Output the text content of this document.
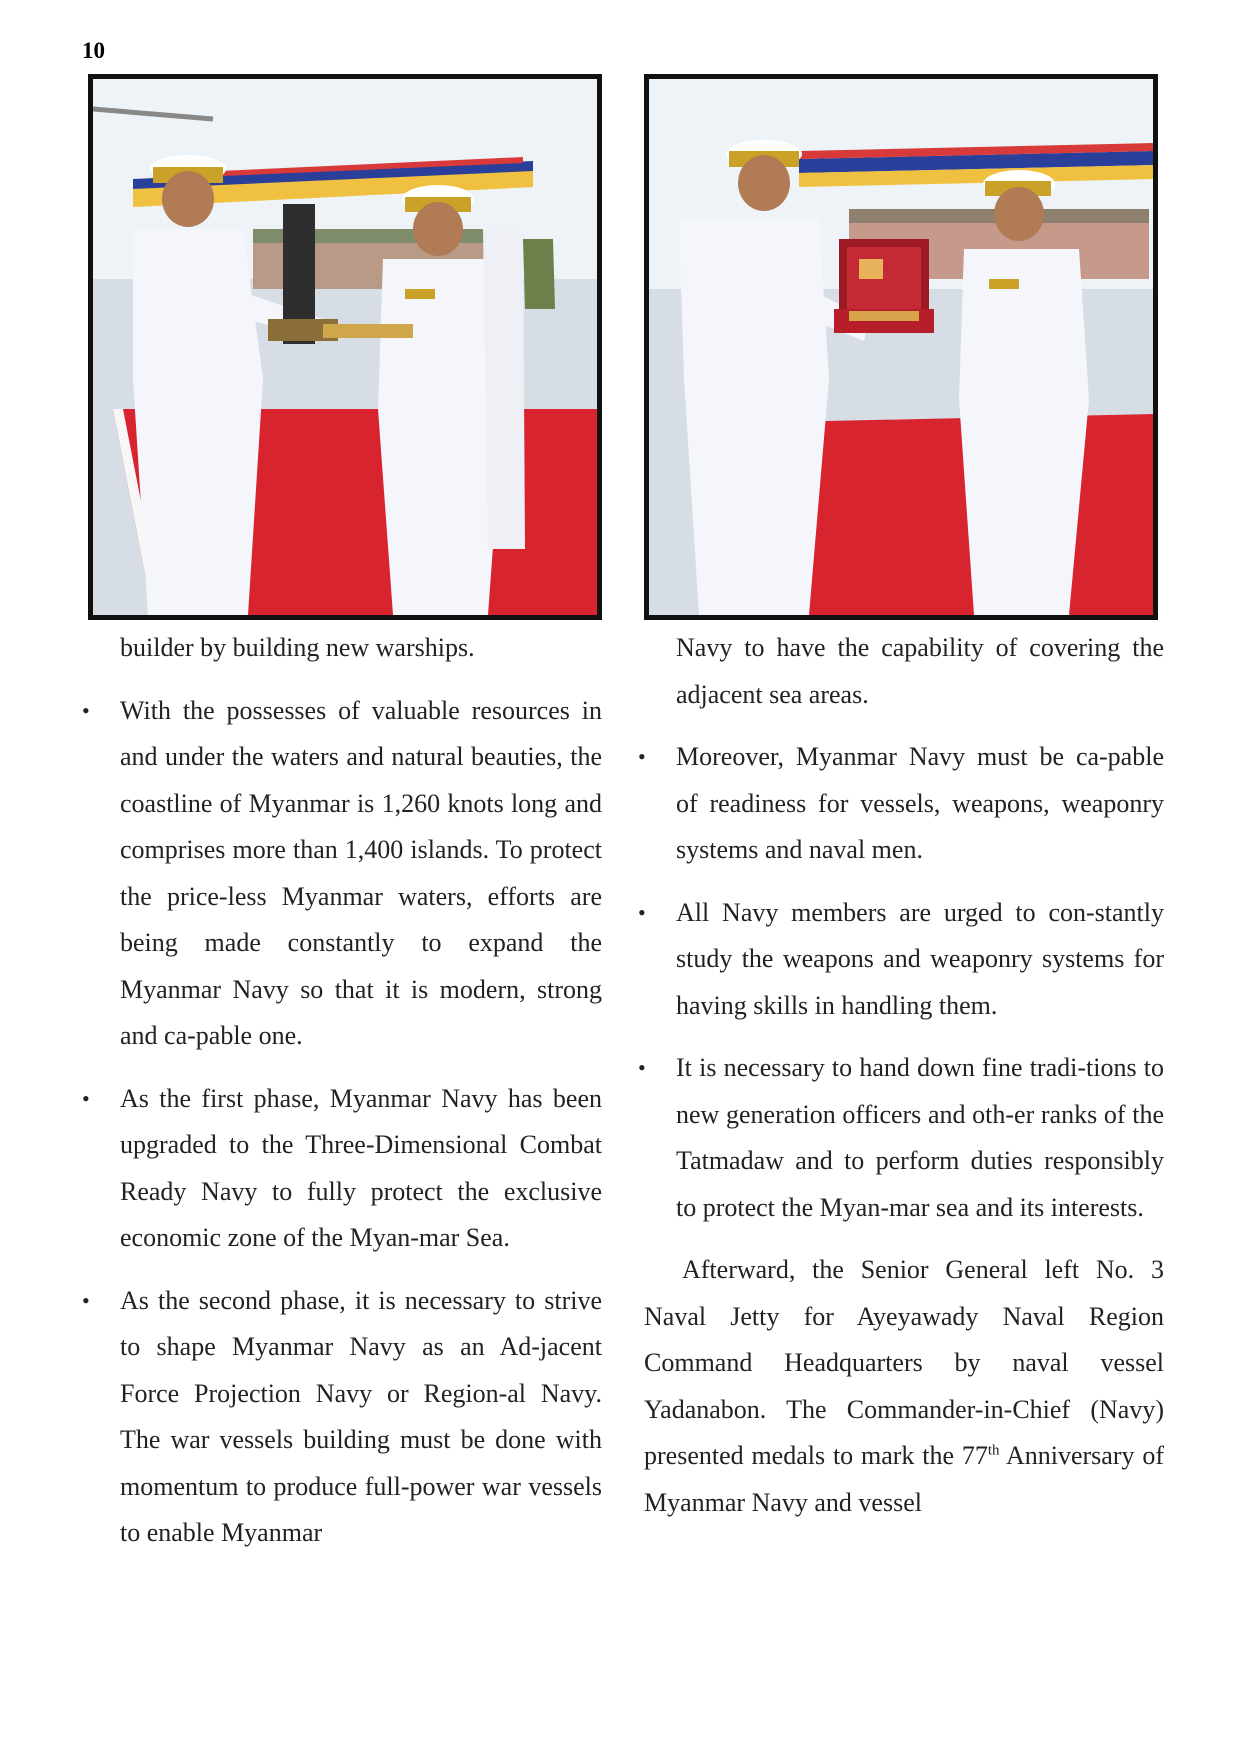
10

builder by building new warships.

• With the possesses of valuable resources in and under the waters and natural beauties, the coastline of Myanmar is 1,260 knots long and comprises more than 1,400 islands. To protect the price-less Myanmar waters, efforts are being made constantly to expand the Myanmar Navy so that it is modern, strong and ca-pable one.

• As the first phase, Myanmar Navy has been upgraded to the Three-Dimensional Combat Ready Navy to fully protect the exclusive economic zone of the Myan-mar Sea.

• As the second phase, it is necessary to strive to shape Myanmar Navy as an Ad-jacent Force Projection Navy or Region-al Navy. The war vessels building must be done with momentum to produce full-power war vessels to enable Myanmar

Navy to have the capability of covering the adjacent sea areas.

• Moreover, Myanmar Navy must be ca-pable of readiness for vessels, weapons, weaponry systems and naval men.

• All Navy members are urged to con-stantly study the weapons and weaponry systems for having skills in handling them.

• It is necessary to hand down fine tradi-tions to new generation officers and oth-er ranks of the Tatmadaw and to perform duties responsibly to protect the Myan-mar sea and its interests.

Afterward, the Senior General left No. 3 Naval Jetty for Ayeyawady Naval Region Command Headquarters by naval vessel Yadanabon. The Commander-in-Chief (Navy) presented medals to mark the 77th Anniversary of Myanmar Navy and vessel
